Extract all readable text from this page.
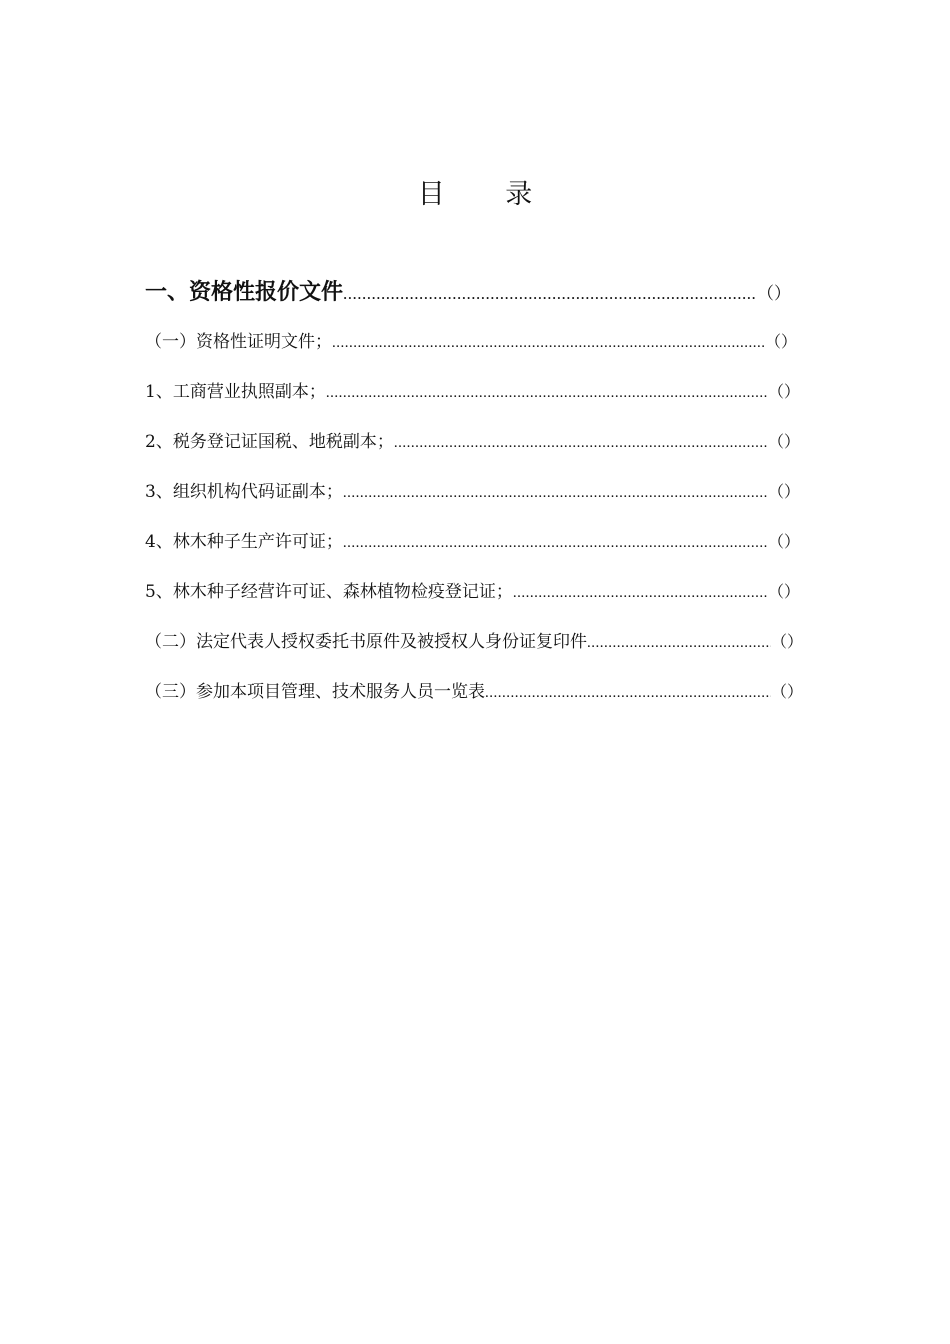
目 录
一、资格性报价文件 .....	（）
（一）资格性证明文件； .....	（）
1、工商营业执照副本； .....	（）
2、税务登记证国税、地税副本； .....	（）
3、组织机构代码证副本； .....	（）
4、林木种子生产许可证； .....	（）
5、林木种子经营许可证、森林植物检疫登记证； .....	（）
（二）法定代表人授权委托书原件及被授权人身份证复印件 .....	（）
（三）参加本项目管理、技术服务人员一览表 .....	（）
